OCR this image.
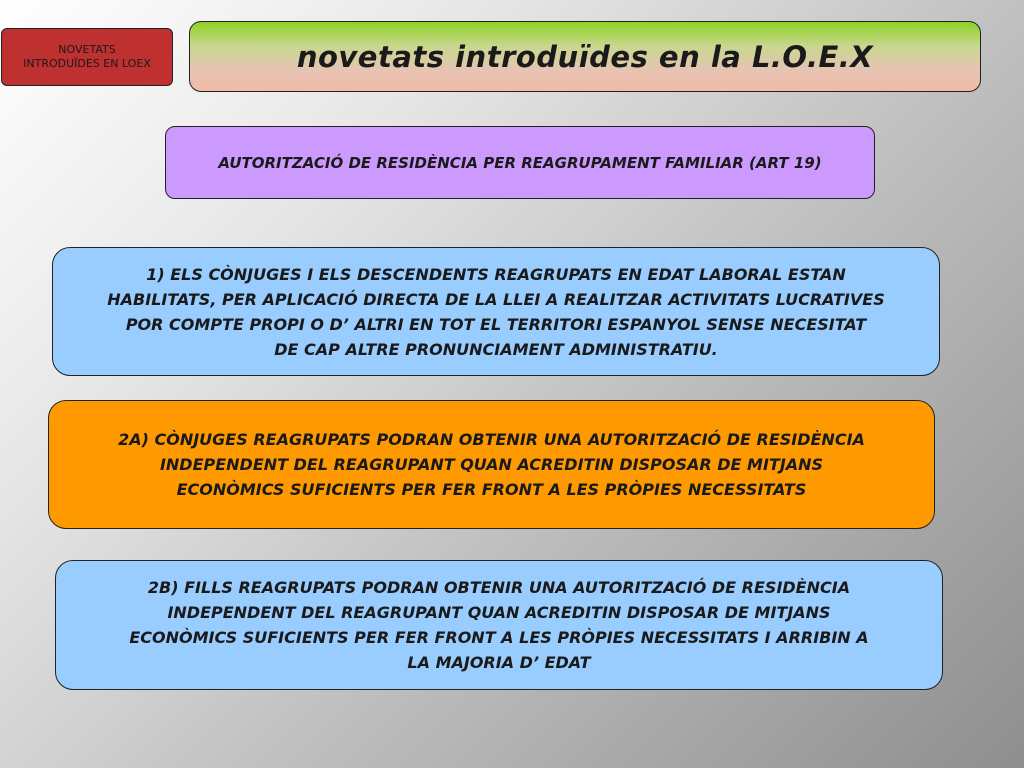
NOVETATS
INTRODUÏDES EN LOEX	novetats introduïdes en la L.O.E.X
AUTORITZACIÓ DE RESIDÈNCIA PER REAGRUPAMENT FAMILIAR (ART 19)
1) ELS CÒNJUGES I ELS DESCENDENTS REAGRUPATS EN EDAT LABORAL ESTAN
HABILITATS, PER APLICACIÓ DIRECTA DE LA LLEI A REALITZAR ACTIVITATS LUCRATIVES
POR COMPTE PROPI O D’ ALTRI EN TOT EL TERRITORI ESPANYOL SENSE NECESITAT
DE CAP ALTRE PRONUNCIAMENT ADMINISTRATIU.
2A) CÒNJUGES REAGRUPATS PODRAN OBTENIR UNA AUTORITZACIÓ DE RESIDÈNCIA
INDEPENDENT DEL REAGRUPANT QUAN ACREDITIN DISPOSAR DE MITJANS
ECONÒMICS SUFICIENTS PER FER FRONT A LES PRÒPIES NECESSITATS
2B) FILLS REAGRUPATS PODRAN OBTENIR UNA AUTORITZACIÓ DE RESIDÈNCIA
INDEPENDENT DEL REAGRUPANT QUAN ACREDITIN DISPOSAR DE MITJANS
ECONÒMICS SUFICIENTS PER FER FRONT A LES PRÒPIES NECESSITATS I ARRIBIN A
LA MAJORIA D’ EDAT
